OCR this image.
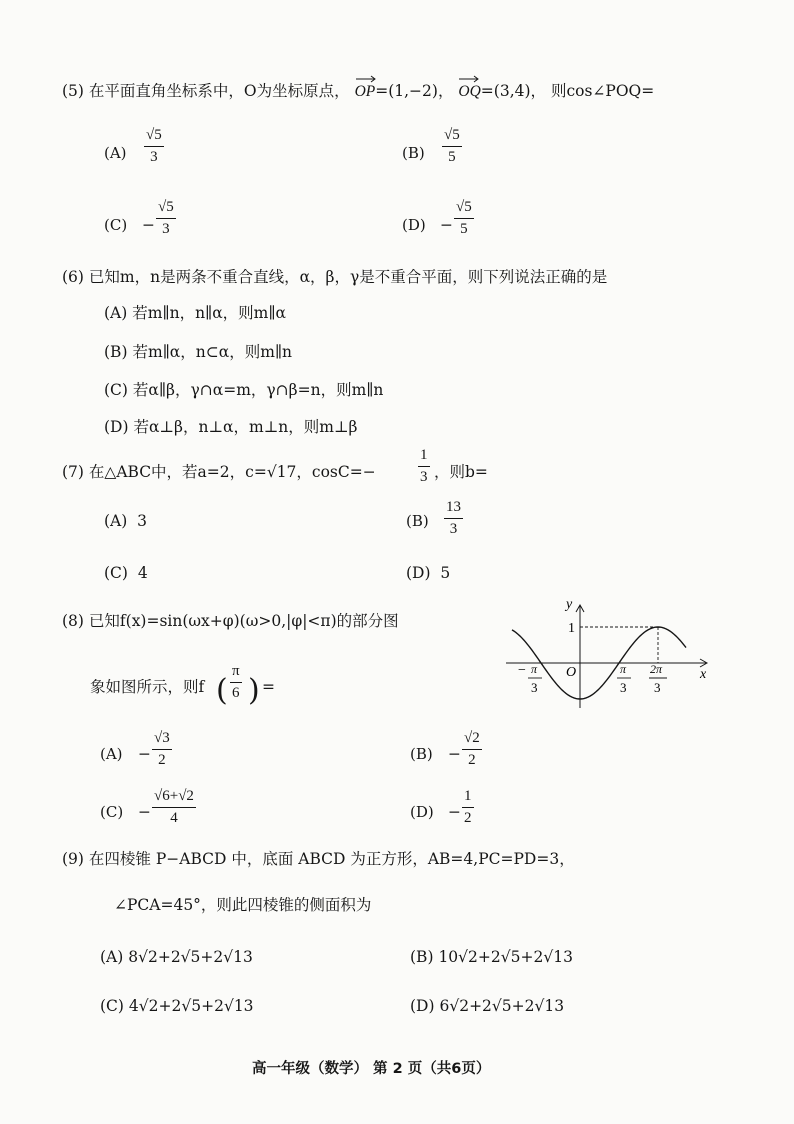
(5) 在平面直角坐标系中，O为坐标原点， OP=(1,−2)， OQ=(3,4)， 则cos∠POQ=
(A)
√5
3	(B)
√5
5
(C) −
√5
3	(D) −
√5
5
(6) 已知m，n是两条不重合直线，α，β，γ是不重合平面，则下列说法正确的是
(A) 若m∥n，n∥α，则m∥α
(B) 若m∥α，n⊂α，则m∥n
(C) 若α∥β，γ∩α=m，γ∩β=n，则m∥n
(D) 若α⊥β，n⊥α，m⊥n，则m⊥β
(7) 在△ABC中，若a=2，c=√17，cosC=−
1
3 ，则b=
(A) 3	(B)
13
3
(C) 4	(D) 5
(8) 已知f(x)=sin(ωx+φ)(ω>0,|φ|<π)的部分图
象如图所示，则f (
π
6 ) =
y
x
O
1
− π
3
π
3
2π
3
(A) −
√3
2	(B) −
√2
2
(C) −
√6+√2
4	(D) −
1
2
(9) 在四棱锥 P−ABCD 中，底面 ABCD 为正方形，AB=4,PC=PD=3，
∠PCA=45°，则此四棱锥的侧面积为
(A) 8√2+2√5+2√13	(B) 10√2+2√5+2√13
(C) 4√2+2√5+2√13	(D) 6√2+2√5+2√13
高一年级（数学） 第 2 页（共6页）
